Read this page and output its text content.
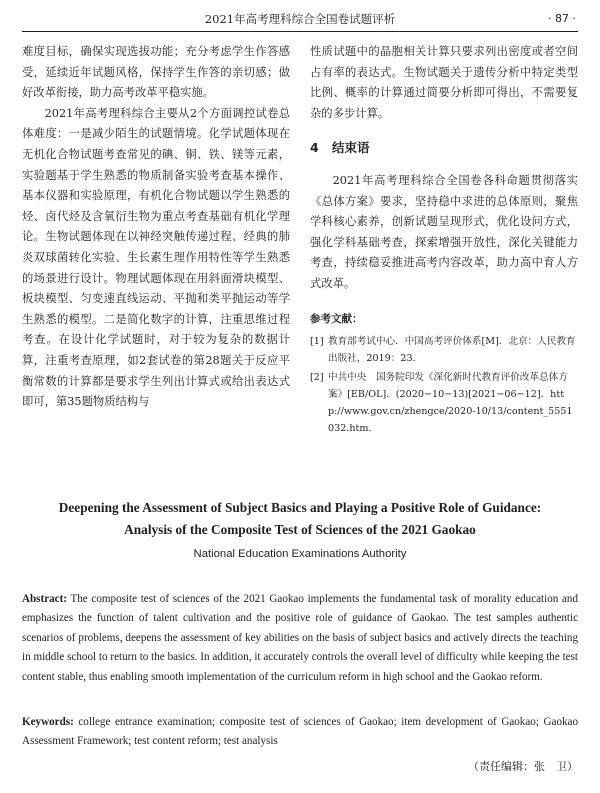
2021年高考理科综合全国卷试题评析	· 87 ·

难度目标，确保实现选拔功能；充分考虑学生作答感受，延续近年试题风格，保持学生作答的亲切感；做好改革衔接，助力高考改革平稳实施。

2021年高考理科综合主要从2个方面调控试卷总体难度：一是减少陌生的试题情境。化学试题体现在无机化合物试题考查常见的碘、铜、铁、镁等元素，实验题基于学生熟悉的物质制备实验考查基本操作、基本仪器和实验原理，有机化合物试题以学生熟悉的烃、卤代烃及含氧衍生物为重点考查基础有机化学理论。生物试题体现在以神经突触传递过程、经典的肺炎双球菌转化实验、生长素生理作用特性等学生熟悉的场景进行设计。物理试题体现在用斜面滑块模型、板块模型、匀变速直线运动、平抛和类平抛运动等学生熟悉的模型。二是简化数字的计算，注重思维过程考查。在设计化学试题时，对于较为复杂的数据计算，注重考查原理，如2套试卷的第28题关于反应平衡常数的计算都是要求学生列出计算式或给出表达式即可，第35题物质结构与

性质试题中的晶胞相关计算只要求列出密度或者空间占有率的表达式。生物试题关于遗传分析中特定类型比例、概率的计算通过简要分析即可得出，不需要复杂的多步计算。

4 结束语

2021年高考理科综合全国卷各科命题贯彻落实《总体方案》要求，坚持稳中求进的总体原则，聚焦学科核心素养，创新试题呈现形式，优化设问方式，强化学科基础考查，探索增强开放性，深化关键能力考查，持续稳妥推进高考内容改革，助力高中育人方式改革。

参考文献：

[1] 教育部考试中心．中国高考评价体系[M]．北京：人民教育出版社，2019：23.
[2] 中共中央　国务院印发《深化新时代教育评价改革总体方案》[EB/OL]．(2020−10−13)[2021−06−12]．http://www.gov.cn/zhengce/2020-10/13/content_5551032.htm.
Deepening the Assessment of Subject Basics and Playing a Positive Role of Guidance:
Analysis of the Composite Test of Sciences of the 2021 Gaokao
National Education Examinations Authority

Abstract: The composite test of sciences of the 2021 Gaokao implements the fundamental task of morality education and emphasizes the function of talent cultivation and the positive role of guidance of Gaokao. The test samples authentic scenarios of problems, deepens the assessment of key abilities on the basis of subject basics and actively directs the teaching in middle school to return to the basics. In addition, it accurately controls the overall level of difficulty while keeping the test content stable, thus enabling smooth implementation of the curriculum reform in high school and the Gaokao reform.

Keywords: college entrance examination; composite test of sciences of Gaokao; item development of Gaokao; Gaokao Assessment Framework; test content reform; test analysis

（责任编辑：张　卫）
